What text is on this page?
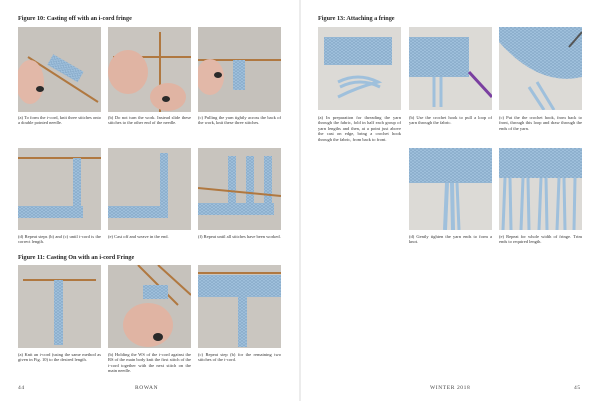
Figure 10: Casting off with an i-cord fringe
(a) To form the i-cord, knit three stitches onto a double pointed needle.
(b) Do not turn the work. Instead slide these stitches to the other end of the needle.
(c) Pulling the yarn tightly across the back of the work, knit these three stitches.
(d) Repeat steps (b) and (c) until i-cord is the correct length.
(e) Cast off and weave in the end.	(f) Repeat until all stitches have been worked.
Figure 11: Casting On with an i-cord Fringe
(a) Knit an i-cord (using the same method as given in Fig. 10) to the desired length.
(b) Holding the WS of the i-cord against the RS of the main body knit the first stitch of the i-cord together with the next stitch on the main needle.
(c) Repeat step (b) for the remaining two stitches of the i-cord.
44	ROWAN
Figure 13: Attaching a fringe
(a) In preparation for threading the yarn through the fabric, fold in half each group of yarn lengths and then, at a point just above the cast on edge, bring a crochet hook through the fabric, from back to front.
(b) Use the crochet hook to pull a loop of yarn through the fabric.
(c) Put the the crochet hook, from back to front, through this loop and draw through the ends of the yarn.
(d) Gently tighten the yarn ends to form a knot.
(e) Repeat for whole width of fringe. Trim ends to required length.
WINTER 2018	45
